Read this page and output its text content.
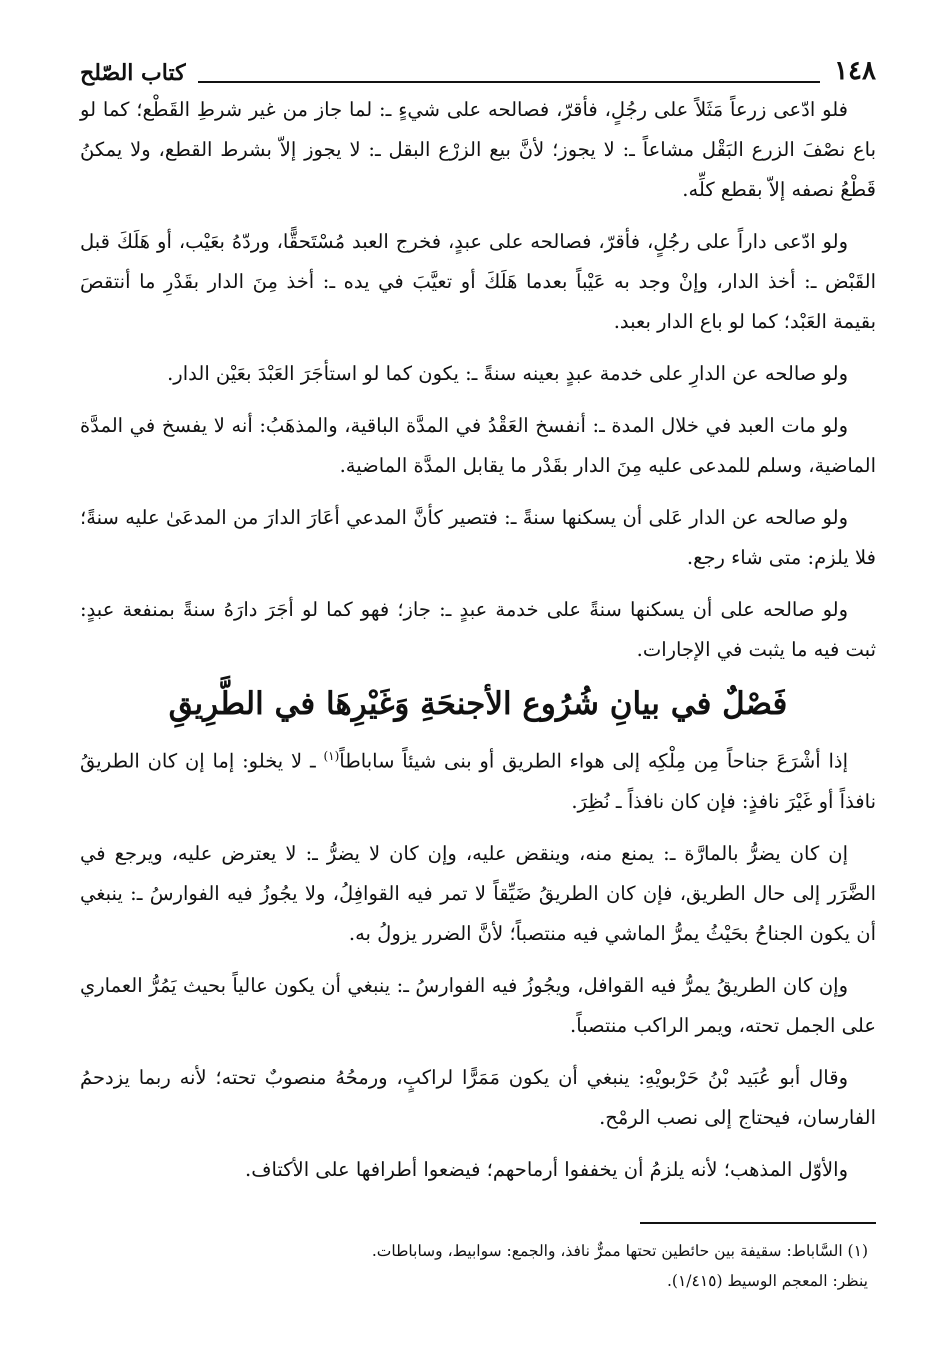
١٤٨
كتاب الصّلح

فلو ادّعى زرعاً مَثَلاً على رجُلٍ، فأقرّ، فصالحه على شيءٍ ـ: لما جاز من غير شرطِ القَطْع؛ كما لو باع نصْفَ الزرع البَقْل مشاعاً ـ: لا يجوز؛ لأنَّ بيع الزرْع البقل ـ: لا يجوز إلاّ بشرط القطع، ولا يمكنُ قَطْعُ نصفه إلاّ بقطع كلِّه.

ولو ادّعى داراً على رجُلٍ، فأقرّ، فصالحه على عبدٍ، فخرج العبد مُسْتَحقًّا، وردّهُ بعَيْب، أو هَلَكَ قبل القَبْض ـ: أخذ الدار، وإنْ وجد به عَيْباً بعدما هَلَكَ أو تعيَّبَ في يده ـ: أخذ مِنَ الدار بقَدْرِ ما أنتقصَ بقيمة العَبْد؛ كما لو باع الدار بعبد.

ولو صالحه عن الدارِ على خدمة عبدٍ بعينه سنةً ـ: يكون كما لو استأجَرَ العَبْدَ بعَيْن الدار.

ولو مات العبد في خلال المدة ـ: أنفسخ العَقْدُ في المدَّة الباقية، والمذهَبُ: أنه لا يفسخ في المدَّة الماضية، وسلم للمدعى عليه مِنَ الدار بقَدْر ما يقابل المدَّة الماضية.

ولو صالحه عن الدار عَلى أن يسكنها سنةً ـ: فتصير كأنَّ المدعي أعَارَ الدارَ من المدعَىٰ عليه سنةً؛ فلا يلزم: متى شاء رجع.

ولو صالحه على أن يسكنها سنةً على خدمة عبدٍ ـ: جاز؛ فهو كما لو أجَرَ دارَهُ سنةً بمنفعة عبدٍ: ثبت فيه ما يثبت في الإجارات.

فَصْلٌ في بيانِ شُرُوع الأجنحَةِ وَغَيْرِهَا في الطَّرِيقِ

إذا أشْرَعَ جناحاً مِن مِلْكِه إلى هواء الطريق أو بنى شيئاً ساباطاً$^{(١)}$ ـ لا يخلو: إما إن كان الطريقُ نافذاً أو غَيْرَ نافذٍ: فإن كان نافذاً ـ نُظِرَ.

إن كان يضرُّ بالمارَّة ـ: يمنع منه، وينقض عليه، وإن كان لا يضرُّ ـ: لا يعترض عليه، ويرجع في الضَّرَر إلى حال الطريق، فإن كان الطريقُ ضَيِّقاً لا تمر فيه القوافِلُ، ولا يجُوزُ فيه الفوارسُ ـ: ينبغي أن يكون الجناحُ بحَيْثُ يمرُّ الماشي فيه منتصباً؛ لأنَّ الضرر يزولُ به.

وإن كان الطريقُ يمرُّ فيه القوافل، ويجُوزُ فيه الفوارسُ ـ: ينبغي أن يكون عالياً بحيث يَمُرُّ العماري على الجمل تحته، ويمر الراكب منتصباً.

وقال أبو عُبَيد بْنُ حَرْبويْهِ: ينبغي أن يكون مَمَرًّا لراكبٍ، ورمحُهُ منصوبٌ تحته؛ لأنه ربما يزدحمُ الفارسان، فيحتاج إلى نصب الرمْح.

والأوّل المذهب؛ لأنه يلزمُ أن يخففوا أرماحهم؛ فيضعوا أطرافها على الأكتاف.

(١) السَّاباط: سقيفة بين حائطين تحتها ممرٌّ نافذ، والجمع: سوابيط، وساباطات.

ينظر: المعجم الوسيط (١/٤١٥).
